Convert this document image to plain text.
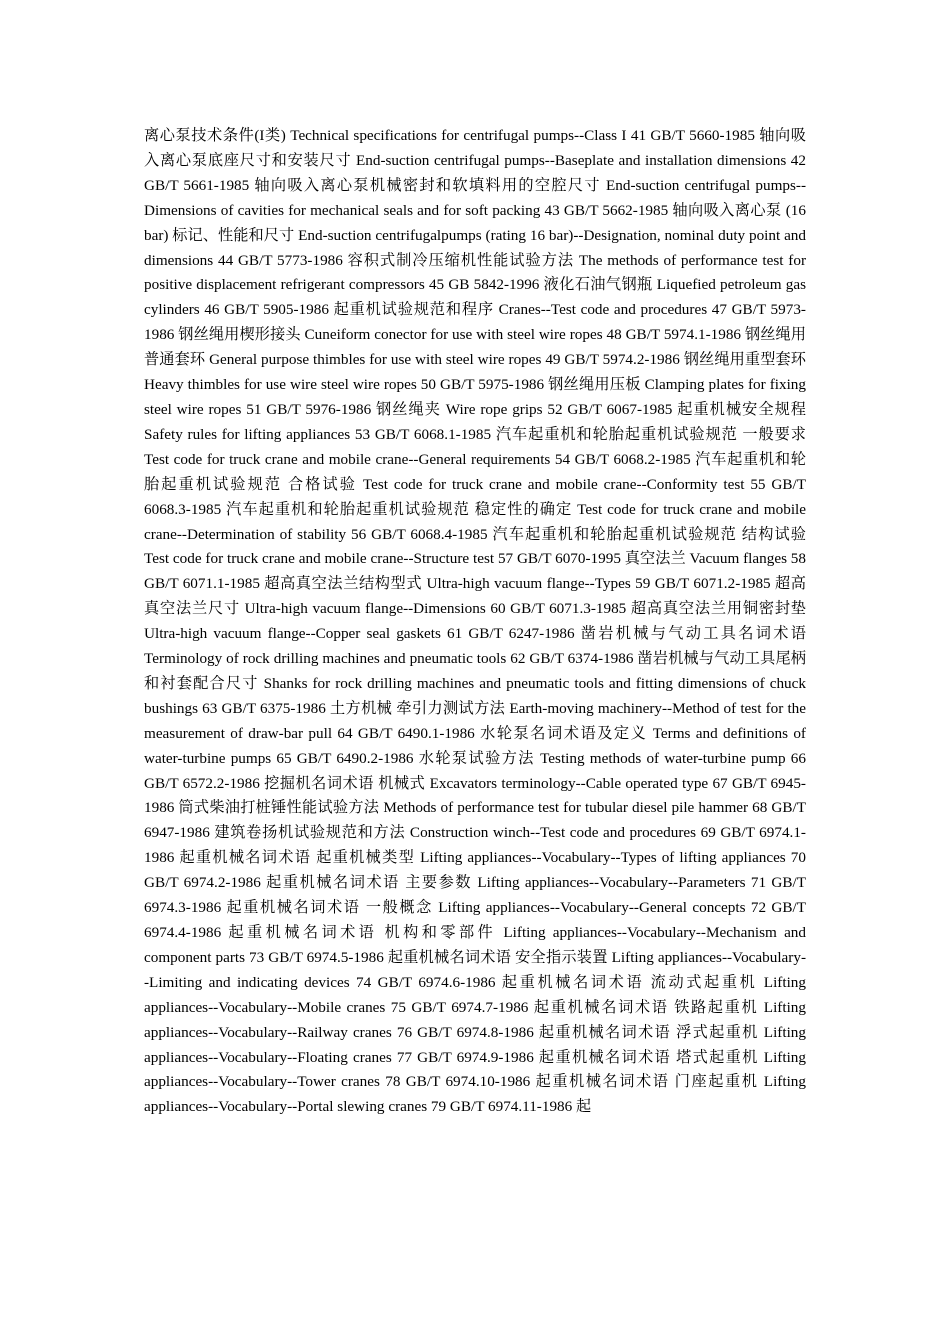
离心泵技术条件(I类) Technical specifications for centrifugal pumps--Class I 41 GB/T 5660-1985 轴向吸入离心泵底座尺寸和安装尺寸 End-suction centrifugal pumps--Baseplate and installation dimensions 42 GB/T 5661-1985 轴向吸入离心泵机械密封和软填料用的空腔尺寸 End-suction centrifugal pumps--Dimensions of cavities for mechanical seals and for soft packing 43 GB/T 5662-1985 轴向吸入离心泵 (16 bar) 标记、性能和尺寸 End-suction centrifugalpumps (rating 16 bar)--Designation, nominal duty point and dimensions 44 GB/T 5773-1986 容积式制冷压缩机性能试验方法 The methods of performance test for positive displacement refrigerant compressors 45 GB 5842-1996 液化石油气钢瓶 Liquefied petroleum gas cylinders 46 GB/T 5905-1986 起重机试验规范和程序 Cranes--Test code and procedures 47 GB/T 5973-1986 钢丝绳用楔形接头 Cuneiform conector for use with steel wire ropes 48 GB/T 5974.1-1986 钢丝绳用普通套环 General purpose thimbles for use with steel wire ropes 49 GB/T 5974.2-1986 钢丝绳用重型套环 Heavy thimbles for use wire steel wire ropes 50 GB/T 5975-1986 钢丝绳用压板 Clamping plates for fixing steel wire ropes 51 GB/T 5976-1986 钢丝绳夹 Wire rope grips 52 GB/T 6067-1985 起重机械安全规程 Safety rules for lifting appliances 53 GB/T 6068.1-1985 汽车起重机和轮胎起重机试验规范 一般要求 Test code for truck crane and mobile crane--General requirements 54 GB/T 6068.2-1985 汽车起重机和轮胎起重机试验规范 合格试验 Test code for truck crane and mobile crane--Conformity test 55 GB/T 6068.3-1985 汽车起重机和轮胎起重机试验规范 稳定性的确定 Test code for truck crane and mobile crane--Determination of stability 56 GB/T 6068.4-1985 汽车起重机和轮胎起重机试验规范 结构试验 Test code for truck crane and mobile crane--Structure test 57 GB/T 6070-1995 真空法兰 Vacuum flanges 58 GB/T 6071.1-1985 超高真空法兰结构型式 Ultra-high vacuum flange--Types 59 GB/T 6071.2-1985 超高真空法兰尺寸 Ultra-high vacuum flange--Dimensions 60 GB/T 6071.3-1985 超高真空法兰用铜密封垫 Ultra-high vacuum flange--Copper seal gaskets 61 GB/T 6247-1986 凿岩机械与气动工具名词术语 Terminology of rock drilling machines and pneumatic tools 62 GB/T 6374-1986 凿岩机械与气动工具尾柄和衬套配合尺寸 Shanks for rock drilling machines and pneumatic tools and fitting dimensions of chuck bushings 63 GB/T 6375-1986 土方机械 牵引力测试方法 Earth-moving machinery--Method of test for the measurement of draw-bar pull 64 GB/T 6490.1-1986 水轮泵名词术语及定义 Terms and definitions of water-turbine pumps 65 GB/T 6490.2-1986 水轮泵试验方法 Testing methods of water-turbine pump 66 GB/T 6572.2-1986 挖掘机名词术语 机械式 Excavators terminology--Cable operated type 67 GB/T 6945-1986 筒式柴油打桩锤性能试验方法 Methods of performance test for tubular diesel pile hammer 68 GB/T 6947-1986 建筑卷扬机试验规范和方法 Construction winch--Test code and procedures 69 GB/T 6974.1-1986 起重机械名词术语 起重机械类型 Lifting appliances--Vocabulary--Types of lifting appliances 70 GB/T 6974.2-1986 起重机械名词术语 主要参数 Lifting appliances--Vocabulary--Parameters 71 GB/T 6974.3-1986 起重机械名词术语 一般概念 Lifting appliances--Vocabulary--General concepts 72 GB/T 6974.4-1986 起重机械名词术语 机构和零部件 Lifting appliances--Vocabulary--Mechanism and component parts 73 GB/T 6974.5-1986 起重机械名词术语 安全指示装置 Lifting appliances--Vocabulary--Limiting and indicating devices 74 GB/T 6974.6-1986 起重机械名词术语 流动式起重机 Lifting appliances--Vocabulary--Mobile cranes 75 GB/T 6974.7-1986 起重机械名词术语 铁路起重机 Lifting appliances--Vocabulary--Railway cranes 76 GB/T 6974.8-1986 起重机械名词术语 浮式起重机 Lifting appliances--Vocabulary--Floating cranes 77 GB/T 6974.9-1986 起重机械名词术语 塔式起重机 Lifting appliances--Vocabulary--Tower cranes 78 GB/T 6974.10-1986 起重机械名词术语 门座起重机 Lifting appliances--Vocabulary--Portal slewing cranes 79 GB/T 6974.11-1986 起
